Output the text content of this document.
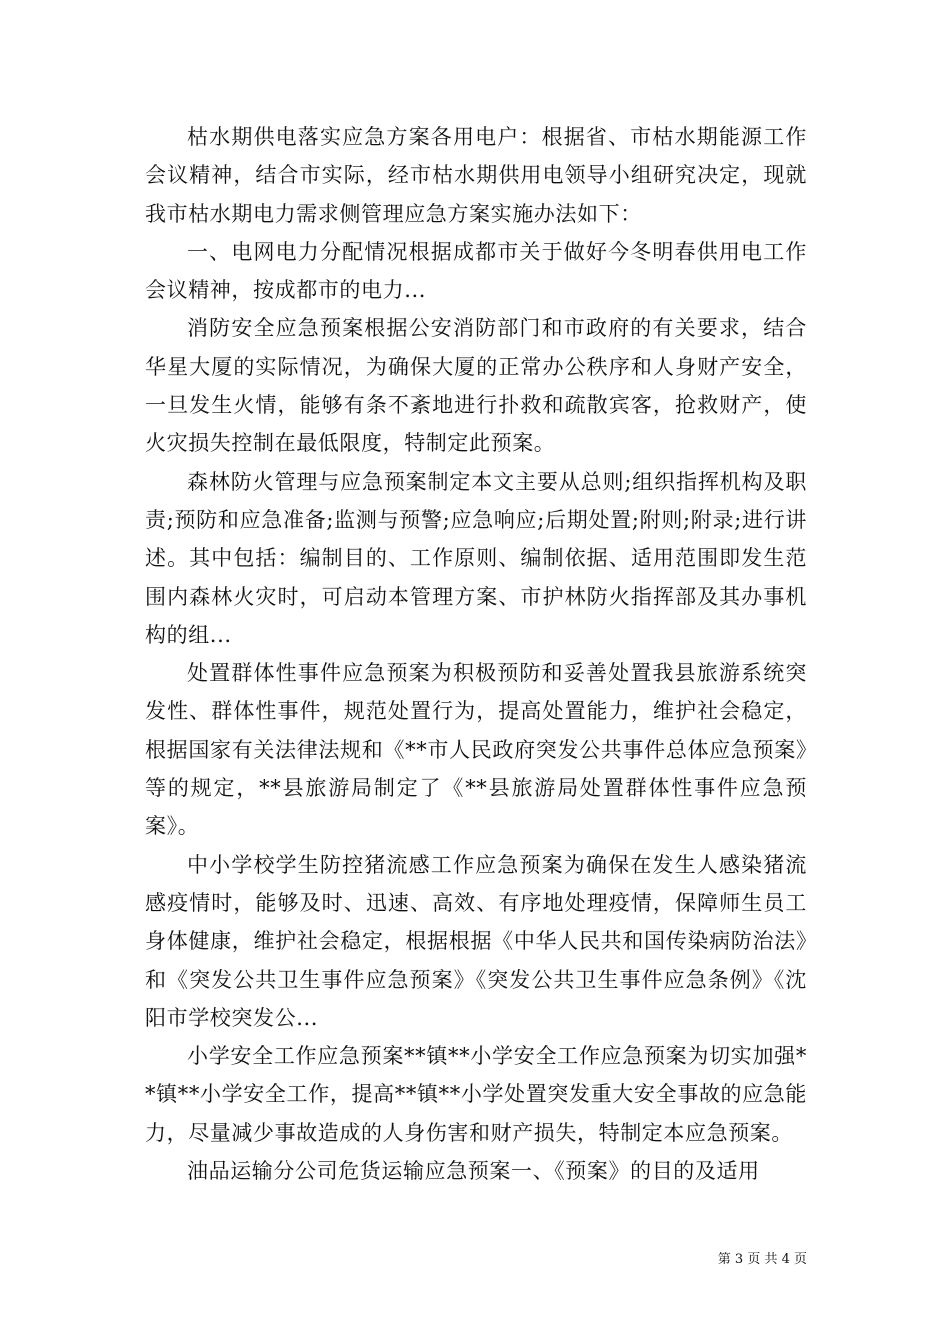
枯水期供电落实应急方案各用电户：根据省、市枯水期能源工作会议精神，结合市实际，经市枯水期供用电领导小组研究决定，现就我市枯水期电力需求侧管理应急方案实施办法如下：

一、电网电力分配情况根据成都市关于做好今冬明春供用电工作会议精神，按成都市的电力...

消防安全应急预案根据公安消防部门和市政府的有关要求，结合华星大厦的实际情况，为确保大厦的正常办公秩序和人身财产安全，一旦发生火情，能够有条不紊地进行扑救和疏散宾客，抢救财产，使火灾损失控制在最低限度，特制定此预案。

森林防火管理与应急预案制定本文主要从总则;组织指挥机构及职责;预防和应急准备;监测与预警;应急响应;后期处置;附则;附录;进行讲述。其中包括：编制目的、工作原则、编制依据、适用范围即发生范围内森林火灾时，可启动本管理方案、市护林防火指挥部及其办事机构的组...

处置群体性事件应急预案为积极预防和妥善处置我县旅游系统突发性、群体性事件，规范处置行为，提高处置能力，维护社会稳定，根据国家有关法律法规和《**市人民政府突发公共事件总体应急预案》等的规定，**县旅游局制定了《**县旅游局处置群体性事件应急预案》。

中小学校学生防控猪流感工作应急预案为确保在发生人感染猪流感疫情时，能够及时、迅速、高效、有序地处理疫情，保障师生员工身体健康，维护社会稳定，根据根据《中华人民共和国传染病防治法》和《突发公共卫生事件应急预案》《突发公共卫生事件应急条例》《沈阳市学校突发公...

小学安全工作应急预案**镇**小学安全工作应急预案为切实加强**镇**小学安全工作，提高**镇**小学处置突发重大安全事故的应急能力，尽量减少事故造成的人身伤害和财产损失，特制定本应急预案。

油品运输分公司危货运输应急预案一、《预案》的目的及适用

第 3 页 共 4 页
